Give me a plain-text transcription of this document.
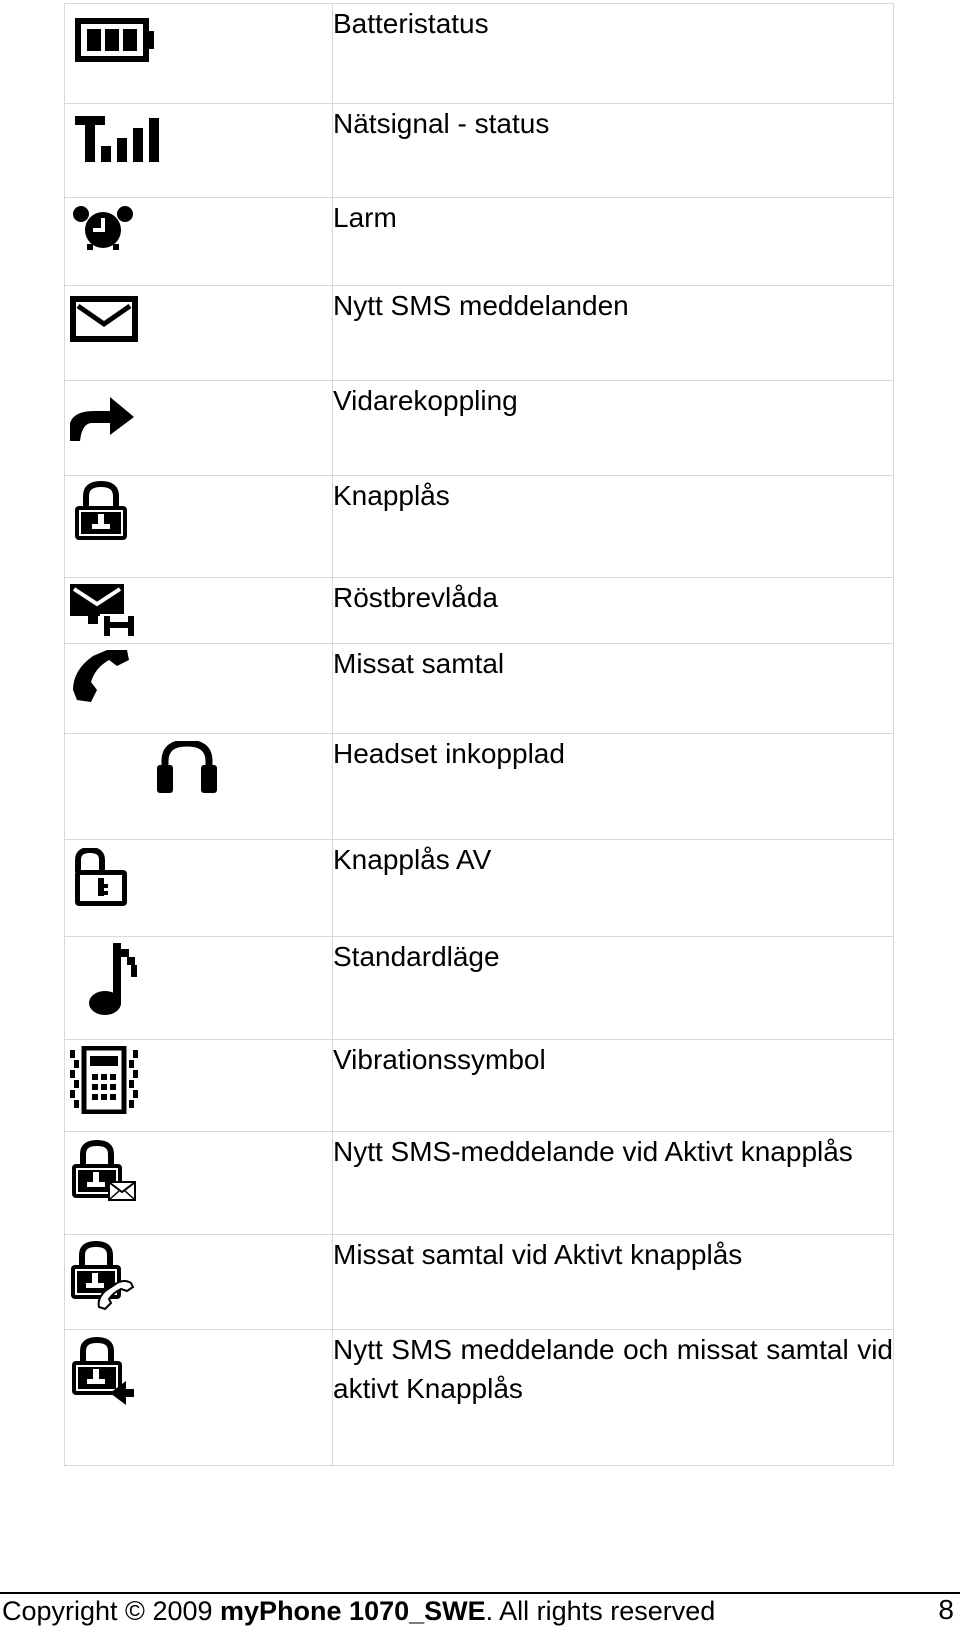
	Batteristatus

	Nätsignal - status

	Larm

	Nytt SMS meddelanden

	Vidarekoppling

	Knapplås

	Röstbrevlåda

	Missat samtal

	Headset inkopplad

	Knapplås AV

	Standardläge

	Vibrationssymbol

	Nytt SMS-meddelande vid Aktivt knapplås

	Missat samtal vid Aktivt knapplås

	Nytt SMS meddelande och missat samtal vid aktivt Knapplås
Copyright © 2009 myPhone 1070_SWE. All rights reserved	8
